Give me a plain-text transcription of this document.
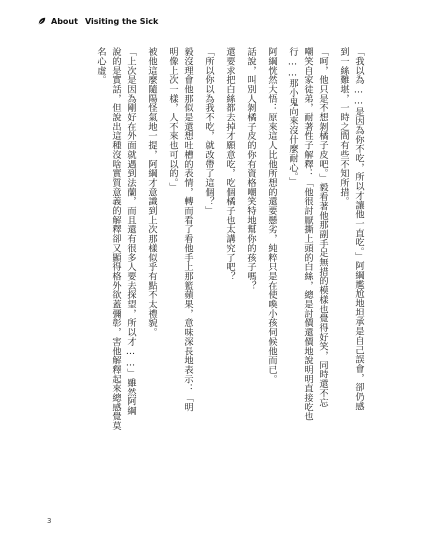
About Visiting the Sick
「我以為……是因為你不吃，所以才讓他一直吃。」阿綱尷尬地坦承是自己誤會，卻仍感
到一絲難堪，一時之間有些不知所措。
「呵，他只是不想剝橘子皮吧。」毅看著他那副手足無措的模樣也覺得好笑，同時還不忘
嘲笑自家徒弟，耐著性子解釋：「他很討厭撕上頭的白絲，總是討價還價地說明明直接吃也
行……那小鬼向來沒什麼耐心。」
阿綱恍然大悟：原來這人比他所想的還要懸劣，純粹只是在使喚小孩伺候他而已。
話說，叫別人剝橘子皮的你有資格嘲笑特地幫你的孩子嗎？
還要求把白絲都去掉才願意吃，吃個橘子也太講究了吧？
「所以你以為我不吃，就改帶了這個？」
毅沒理會他那似是還想吐槽的表情，轉而看了看他手上那籃蘋果，意味深長地表示：「明
明像上次一樣，人不來也可以的。」
被他這麼隨陽怪氣地一提，阿綱才意識到上次那樣似乎有點不太禮貌。
「上次是因為剛好在外面就遇到法蘭，而且還有很多人要去探望，所以才……」雖然阿綱
說的是實話，但說出這種沒啥實質意義的解釋卻又顯得格外欲蓋彌彰，害他解釋起來總感覺莫
名心虛。
3
